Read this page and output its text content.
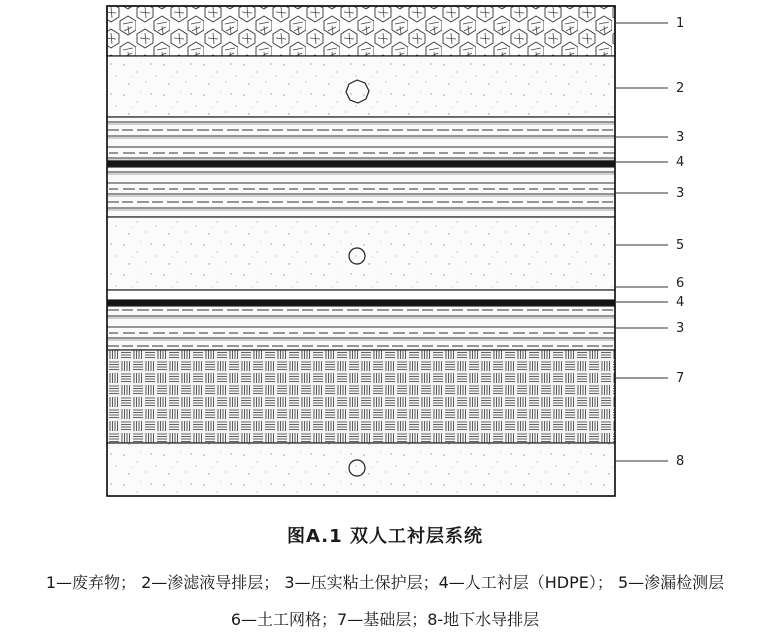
1
2
3
4
3
5
6
4
3
7
8
图A.1 双人工衬层系统
1—废弃物； 2—渗滤液导排层； 3—压实粘土保护层；4—人工衬层（HDPE）； 5—渗漏检测层
6—土工网格；7—基础层；8-地下水导排层
